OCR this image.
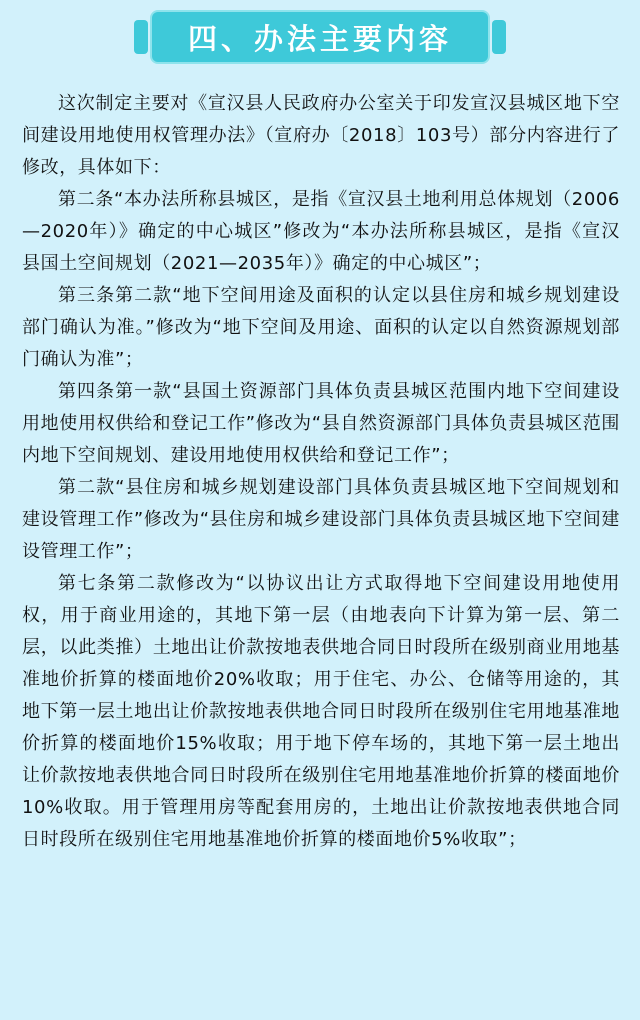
四、办法主要内容

这次制定主要对《宣汉县人民政府办公室关于印发宣汉县城区地下空间建设用地使用权管理办法》（宣府办〔2018〕103号）部分内容进行了修改，具体如下：

第二条“本办法所称县城区，是指《宣汉县土地利用总体规划（2006—2020年）》确定的中心城区”修改为“本办法所称县城区，是指《宣汉县国土空间规划（2021—2035年）》确定的中心城区”；

第三条第二款“地下空间用途及面积的认定以县住房和城乡规划建设部门确认为准。”修改为“地下空间及用途、面积的认定以自然资源规划部门确认为准”；

第四条第一款“县国土资源部门具体负责县城区范围内地下空间建设用地使用权供给和登记工作”修改为“县自然资源部门具体负责县城区范围内地下空间规划、建设用地使用权供给和登记工作”；

第二款“县住房和城乡规划建设部门具体负责县城区地下空间规划和建设管理工作”修改为“县住房和城乡建设部门具体负责县城区地下空间建设管理工作”；

第七条第二款修改为“以协议出让方式取得地下空间建设用地使用权，用于商业用途的，其地下第一层（由地表向下计算为第一层、第二层，以此类推）土地出让价款按地表供地合同日时段所在级别商业用地基准地价折算的楼面地价20%收取；用于住宅、办公、仓储等用途的，其地下第一层土地出让价款按地表供地合同日时段所在级别住宅用地基准地价折算的楼面地价15%收取；用于地下停车场的，其地下第一层土地出让价款按地表供地合同日时段所在级别住宅用地基准地价折算的楼面地价10%收取。用于管理用房等配套用房的，土地出让价款按地表供地合同日时段所在级别住宅用地基准地价折算的楼面地价5%收取”；
